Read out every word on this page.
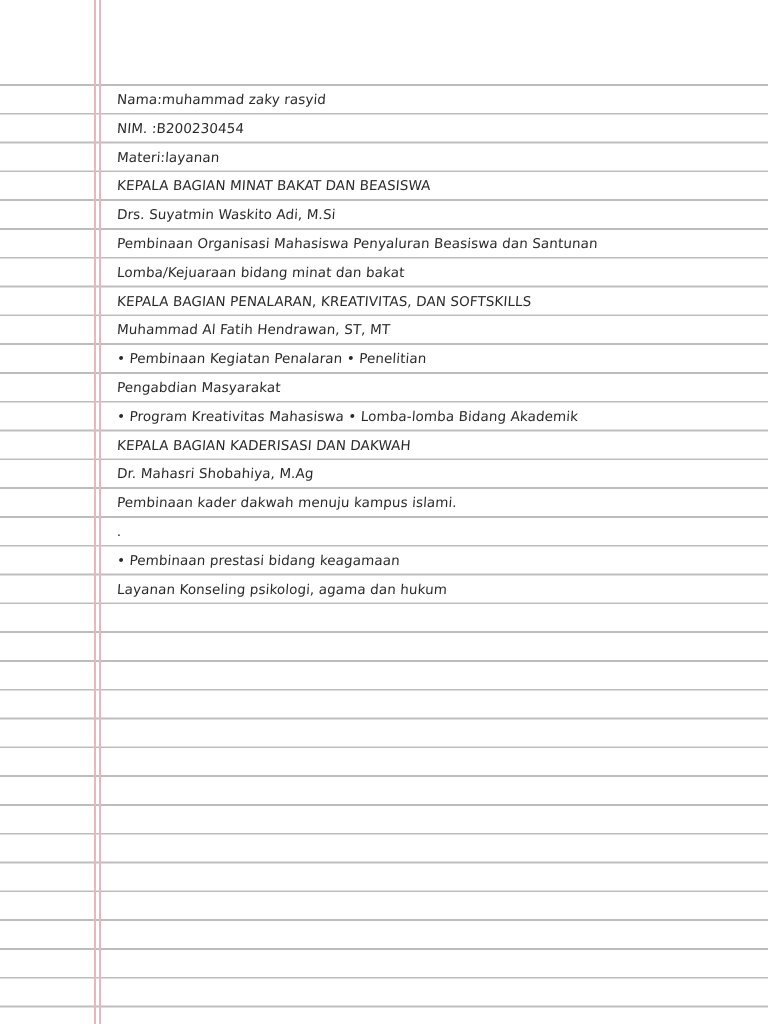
Nama:muhammad zaky rasyid
NIM. :B200230454
Materi:layanan
KEPALA BAGIAN MINAT BAKAT DAN BEASISWA
Drs. Suyatmin Waskito Adi, M.Si
Pembinaan Organisasi Mahasiswa Penyaluran Beasiswa dan Santunan
Lomba/Kejuaraan bidang minat dan bakat
KEPALA BAGIAN PENALARAN, KREATIVITAS, DAN SOFTSKILLS
Muhammad Al Fatih Hendrawan, ST, MT
• Pembinaan Kegiatan Penalaran • Penelitian
Pengabdian Masyarakat
• Program Kreativitas Mahasiswa • Lomba-lomba Bidang Akademik
KEPALA BAGIAN KADERISASI DAN DAKWAH
Dr. Mahasri Shobahiya, M.Ag
Pembinaan kader dakwah menuju kampus islami.
.
• Pembinaan prestasi bidang keagamaan
Layanan Konseling psikologi, agama dan hukum
